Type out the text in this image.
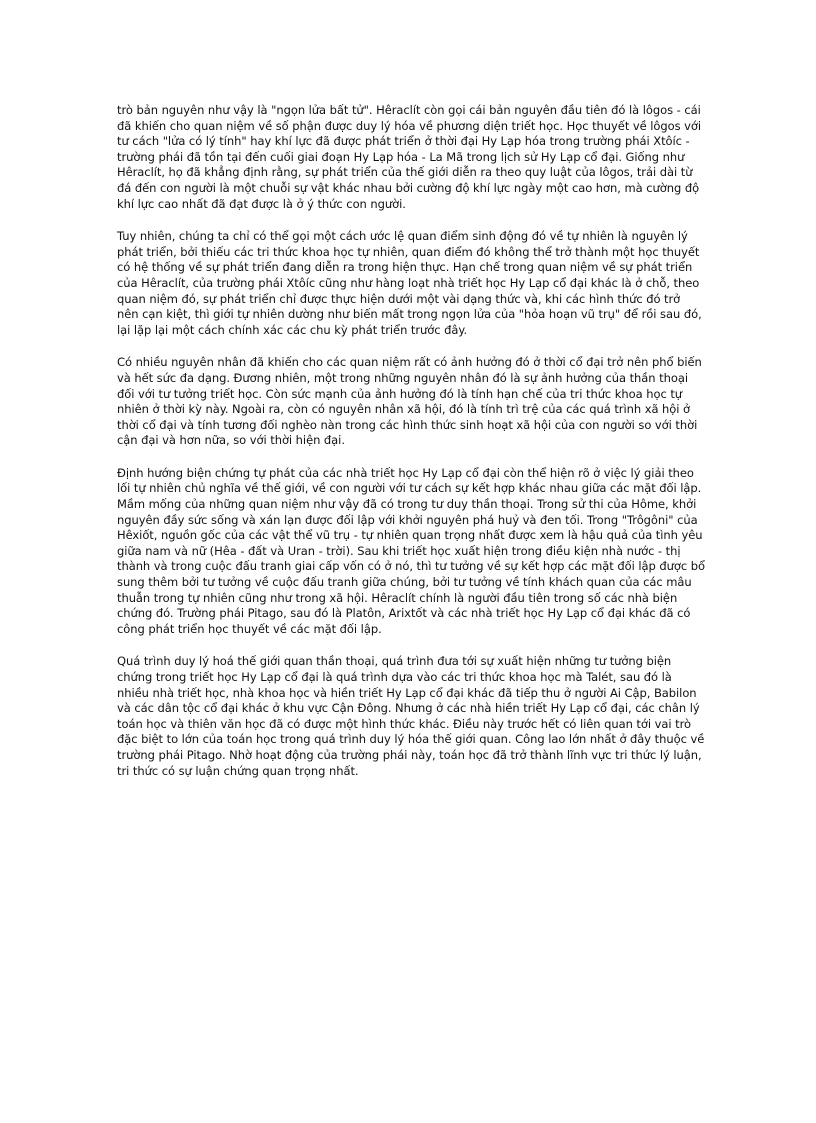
trò bản nguyên như vậy là "ngọn lửa bất tử". Hêraclít còn gọi cái bản nguyên đầu tiên đó là lôgos - cái đã khiến cho quan niệm về số phận được duy lý hóa về phương diện triết học. Học thuyết về lôgos với tư cách "lửa có lý tính" hay khí lực đã được phát triển ở thời đại Hy Lạp hóa trong trường phái Xtôíc - trường phái đã tồn tại đến cuối giai đoạn Hy Lạp hóa - La Mã trong lịch sử Hy Lạp cổ đại. Giống như Hêraclít, họ đã khẳng định rằng, sự phát triển của thế giới diễn ra theo quy luật của lôgos, trải dài từ đá đến con người là một chuỗi sự vật khác nhau bởi cường độ khí lực ngày một cao hơn, mà cường độ khí lực cao nhất đã đạt được là ở ý thức con người.

Tuy nhiên, chúng ta chỉ có thể gọi một cách ước lệ quan điểm sinh động đó về tự nhiên là nguyên lý phát triển, bởi thiếu các tri thức khoa học tự nhiên, quan điểm đó không thể trở thành một học thuyết có hệ thống về sự phát triển đang diễn ra trong hiện thực. Hạn chế trong quan niệm về sự phát triển của Hêraclít, của trường phái Xtôíc cũng như hàng loạt nhà triết học Hy Lạp cổ đại khác là ở chỗ, theo quan niệm đó, sự phát triển chỉ được thực hiện dưới một vài dạng thức và, khi các hình thức đó trở nên cạn kiệt, thì giới tự nhiên dường như biến mất trong ngọn lửa của "hỏa hoạn vũ trụ" để rồi sau đó, lại lặp lại một cách chính xác các chu kỳ phát triển trước đây.

Có nhiều nguyên nhân đã khiến cho các quan niệm rất có ảnh hưởng đó ở thời cổ đại trở nên phổ biến và hết sức đa dạng. Đương nhiên, một trong những nguyên nhân đó là sự ảnh hưởng của thần thoại đối với tư tưởng triết học. Còn sức mạnh của ảnh hưởng đó là tính hạn chế của tri thức khoa học tự nhiên ở thời kỳ này. Ngoài ra, còn có nguyên nhân xã hội, đó là tính trì trệ của các quá trình xã hội ở thời cổ đại và tính tương đối nghèo nàn trong các hình thức sinh hoạt xã hội của con người so với thời cận đại và hơn nữa, so với thời hiện đại.

Định hướng biện chứng tự phát của các nhà triết học Hy Lạp cổ đại còn thể hiện rõ ở việc lý giải theo lối tự nhiên chủ nghĩa về thế giới, về con người với tư cách sự kết hợp khác nhau giữa các mặt đối lập. Mầm mống của những quan niệm như vậy đã có trong tư duy thần thoại. Trong sử thi của Hôme, khởi nguyên đầy sức sống và xán lạn được đối lập với khởi nguyên phá huỷ và đen tối. Trong "Trôgôni" của Hêxiốt, nguồn gốc của các vật thể vũ trụ - tự nhiên quan trọng nhất được xem là hậu quả của tình yêu giữa nam và nữ (Hêa - đất và Uran - trời). Sau khi triết học xuất hiện trong điều kiện nhà nước - thị thành và trong cuộc đấu tranh giai cấp vốn có ở nó, thì tư tưởng về sự kết hợp các mặt đối lập được bổ sung thêm bởi tư tưởng về cuộc đấu tranh giữa chúng, bởi tư tưởng về tính khách quan của các mâu thuẫn trong tự nhiên cũng như trong xã hội. Hêraclít chính là người đầu tiên trong số các nhà biện chứng đó. Trường phái Pitago, sau đó là Platôn, Arixtốt và các nhà triết học Hy Lạp cổ đại khác đã có công phát triển học thuyết về các mặt đối lập.

Quá trình duy lý hoá thế giới quan thần thoại, quá trình đưa tới sự xuất hiện những tư tưởng biện chứng trong triết học Hy Lạp cổ đại là quá trình dựa vào các tri thức khoa học mà Talét, sau đó là nhiều nhà triết học, nhà khoa học và hiền triết Hy Lạp cổ đại khác đã tiếp thu ở người Ai Cập, Babilon và các dân tộc cổ đại khác ở khu vực Cận Đông. Nhưng ở các nhà hiền triết Hy Lạp cổ đại, các chân lý toán học và thiên văn học đã có được một hình thức khác. Điều này trước hết có liên quan tới vai trò đặc biệt to lớn của toán học trong quá trình duy lý hóa thế giới quan. Công lao lớn nhất ở đây thuộc về trường phái Pitago. Nhờ hoạt động của trường phái này, toán học đã trở thành lĩnh vực tri thức lý luận, tri thức có sự luận chứng quan trọng nhất.
